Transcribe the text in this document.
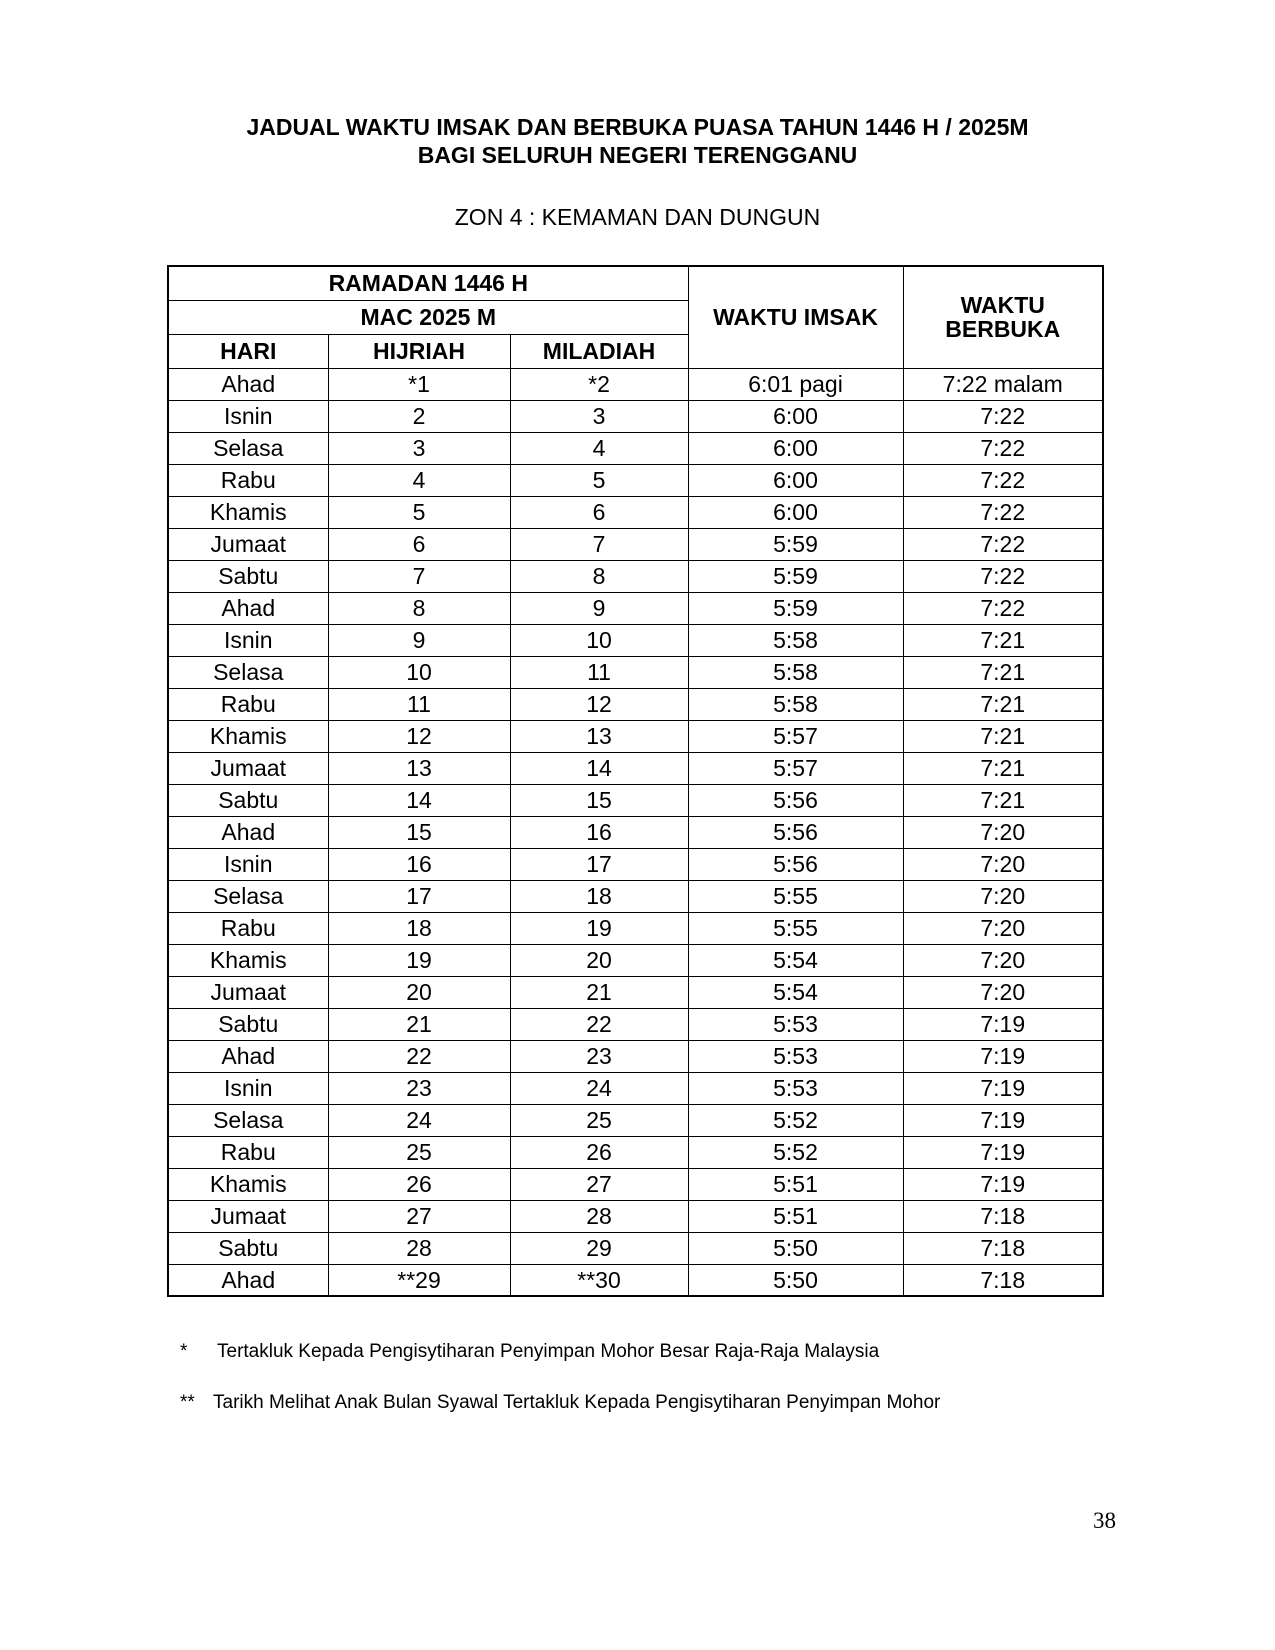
JADUAL WAKTU IMSAK DAN BERBUKA PUASA TAHUN 1446 H / 2025M
BAGI SELURUH NEGERI TERENGGANU
ZON 4 : KEMAMAN DAN DUNGUN
RAMADAN 1446 H			WAKTU IMSAK	WAKTU BERBUKA
MAC 2025 M				
HARI	HIJRIAH	MILADIAH		
Ahad	*1	*2	6:01 pagi	7:22 malam
Isnin	2	3	6:00	7:22
Selasa	3	4	6:00	7:22
Rabu	4	5	6:00	7:22
Khamis	5	6	6:00	7:22
Jumaat	6	7	5:59	7:22
Sabtu	7	8	5:59	7:22
Ahad	8	9	5:59	7:22
Isnin	9	10	5:58	7:21
Selasa	10	11	5:58	7:21
Rabu	11	12	5:58	7:21
Khamis	12	13	5:57	7:21
Jumaat	13	14	5:57	7:21
Sabtu	14	15	5:56	7:21
Ahad	15	16	5:56	7:20
Isnin	16	17	5:56	7:20
Selasa	17	18	5:55	7:20
Rabu	18	19	5:55	7:20
Khamis	19	20	5:54	7:20
Jumaat	20	21	5:54	7:20
Sabtu	21	22	5:53	7:19
Ahad	22	23	5:53	7:19
Isnin	23	24	5:53	7:19
Selasa	24	25	5:52	7:19
Rabu	25	26	5:52	7:19
Khamis	26	27	5:51	7:19
Jumaat	27	28	5:51	7:18
Sabtu	28	29	5:50	7:18
Ahad	**29	**30	5:50	7:18
* Tertakluk Kepada Pengisytiharan Penyimpan Mohor Besar Raja-Raja Malaysia
** Tarikh Melihat Anak Bulan Syawal Tertakluk Kepada Pengisytiharan Penyimpan Mohor
38
